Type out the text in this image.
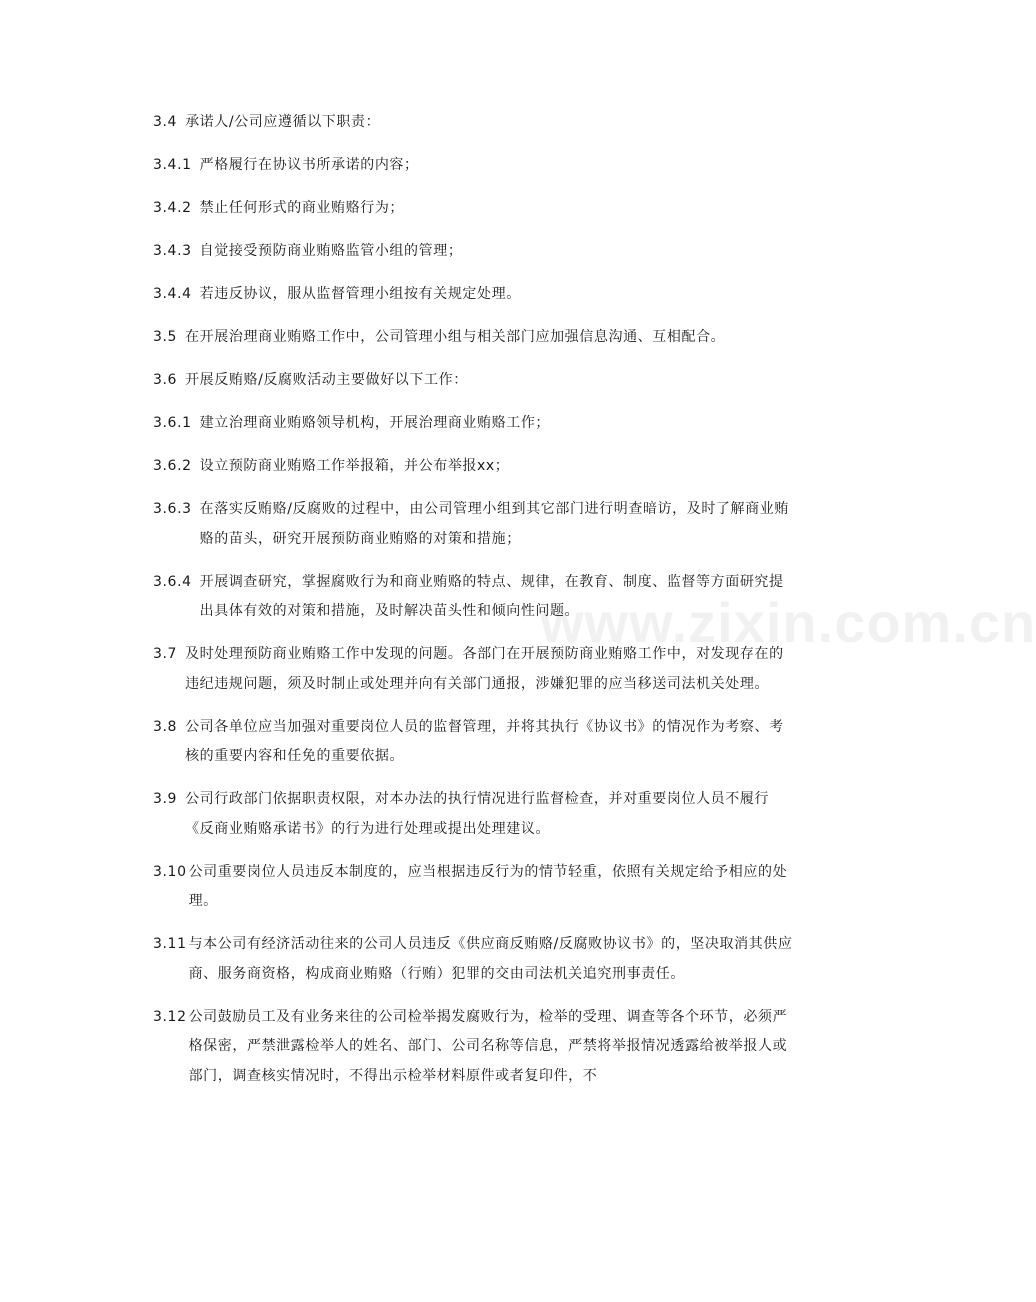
www.zixin.com.cn
3.4 承诺人/公司应遵循以下职责：
3.4.1 严格履行在协议书所承诺的内容；
3.4.2 禁止任何形式的商业贿赂行为；
3.4.3 自觉接受预防商业贿赂监管小组的管理；
3.4.4 若违反协议，服从监督管理小组按有关规定处理。
3.5 在开展治理商业贿赂工作中，公司管理小组与相关部门应加强信息沟通、互相配合。
3.6 开展反贿赂/反腐败活动主要做好以下工作：
3.6.1 建立治理商业贿赂领导机构，开展治理商业贿赂工作；
3.6.2 设立预防商业贿赂工作举报箱，并公布举报xx；
3.6.3 在落实反贿赂/反腐败的过程中，由公司管理小组到其它部门进行明查暗访，及时了解商业贿赂的苗头，研究开展预防商业贿赂的对策和措施；
3.6.4 开展调查研究，掌握腐败行为和商业贿赂的特点、规律，在教育、制度、监督等方面研究提出具体有效的对策和措施，及时解决苗头性和倾向性问题。
3.7 及时处理预防商业贿赂工作中发现的问题。各部门在开展预防商业贿赂工作中，对发现存在的违纪违规问题，须及时制止或处理并向有关部门通报，涉嫌犯罪的应当移送司法机关处理。
3.8 公司各单位应当加强对重要岗位人员的监督管理，并将其执行《协议书》的情况作为考察、考核的重要内容和任免的重要依据。
3.9 公司行政部门依据职责权限，对本办法的执行情况进行监督检查，并对重要岗位人员不履行《反商业贿赂承诺书》的行为进行处理或提出处理建议。
3.10 公司重要岗位人员违反本制度的，应当根据违反行为的情节轻重，依照有关规定给予相应的处理。
3.11 与本公司有经济活动往来的公司人员违反《供应商反贿赂/反腐败协议书》的，坚决取消其供应商、服务商资格，构成商业贿赂（行贿）犯罪的交由司法机关追究刑事责任。
3.12 公司鼓励员工及有业务来往的公司检举揭发腐败行为，检举的受理、调查等各个环节，必须严格保密，严禁泄露检举人的姓名、部门、公司名称等信息，严禁将举报情况透露给被举报人或部门，调查核实情况时，不得出示检举材料原件或者复印件，不
